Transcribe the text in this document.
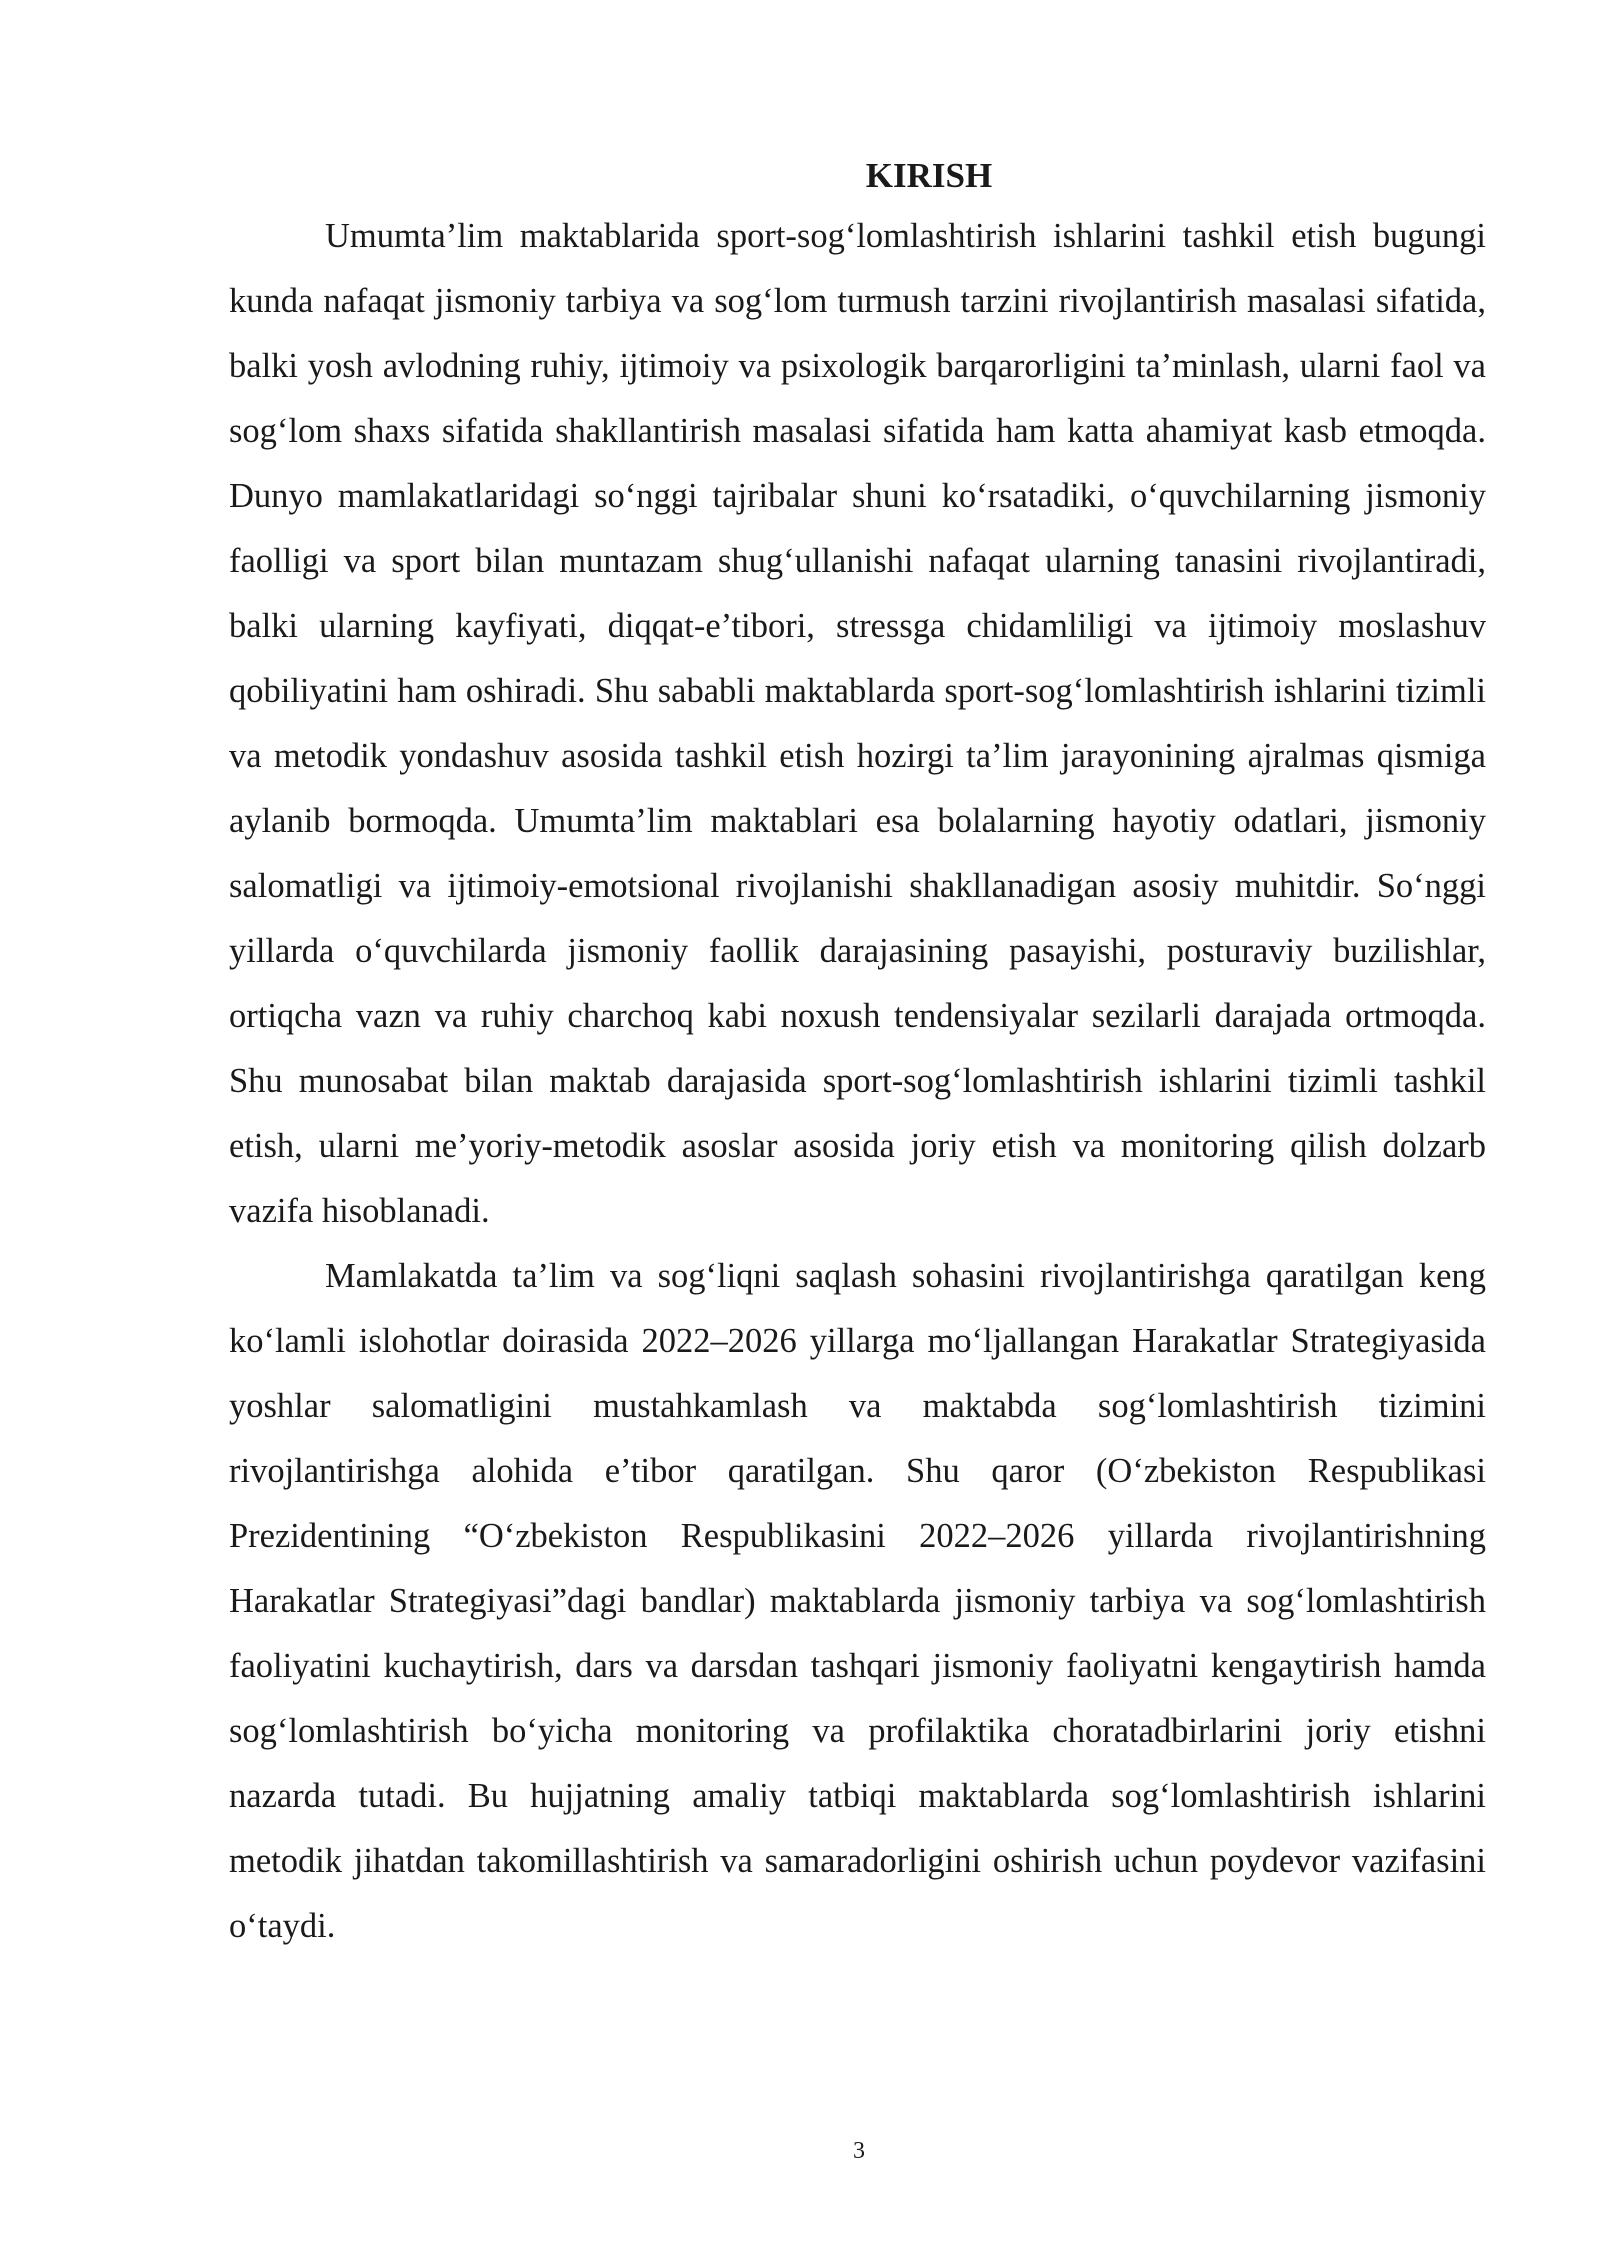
KIRISH

Umumta’lim maktablarida sport-sog‘lomlashtirish ishlarini tashkil etish bugungi kunda nafaqat jismoniy tarbiya va sog‘lom turmush tarzini rivojlantirish masalasi sifatida, balki yosh avlodning ruhiy, ijtimoiy va psixologik barqarorligini ta’minlash, ularni faol va sog‘lom shaxs sifatida shakllantirish masalasi sifatida ham katta ahamiyat kasb etmoqda. Dunyo mamlakatlaridagi so‘nggi tajribalar shuni ko‘rsatadiki, o‘quvchilarning jismoniy faolligi va sport bilan muntazam shug‘ullanishi nafaqat ularning tanasini rivojlantiradi, balki ularning kayfiyati, diqqat-e’tibori, stressga chidamliligi va ijtimoiy moslashuv qobiliyatini ham oshiradi. Shu sababli maktablarda sport-sog‘lomlashtirish ishlarini tizimli va metodik yondashuv asosida tashkil etish hozirgi ta’lim jarayonining ajralmas qismiga aylanib bormoqda. Umumta’lim maktablari esa bolalarning hayotiy odatlari, jismoniy salomatligi va ijtimoiy-emotsional rivojlanishi shakllanadigan asosiy muhitdir. So‘nggi yillarda o‘quvchilarda jismoniy faollik darajasining pasayishi, posturaviy buzilishlar, ortiqcha vazn va ruhiy charchoq kabi noxush tendensiyalar sezilarli darajada ortmoqda. Shu munosabat bilan maktab darajasida sport-sog‘lomlashtirish ishlarini tizimli tashkil etish, ularni me’yoriy-metodik asoslar asosida joriy etish va monitoring qilish dolzarb vazifa hisoblanadi.

Mamlakatda ta’lim va sog‘liqni saqlash sohasini rivojlantirishga qaratilgan keng ko‘lamli islohotlar doirasida 2022–2026 yillarga mo‘ljallangan Harakatlar Strategiyasida yoshlar salomatligini mustahkamlash va maktabda sog‘lomlashtirish tizimini rivojlantirishga alohida e’tibor qaratilgan. Shu qaror (O‘zbekiston Respublikasi Prezidentining “O‘zbekiston Respublikasini 2022–2026 yillarda rivojlantirishning Harakatlar Strategiyasi”dagi bandlar) maktablarda jismoniy tarbiya va sog‘lomlashtirish faoliyatini kuchaytirish, dars va darsdan tashqari jismoniy faoliyatni kengaytirish hamda sog‘lomlashtirish bo‘yicha monitoring va profilaktika choratadbirlarini joriy etishni nazarda tutadi. Bu hujjatning amaliy tatbiqi maktablarda sog‘lomlashtirish ishlarini metodik jihatdan takomillashtirish va samaradorligini oshirish uchun poydevor vazifasini o‘taydi.

3
